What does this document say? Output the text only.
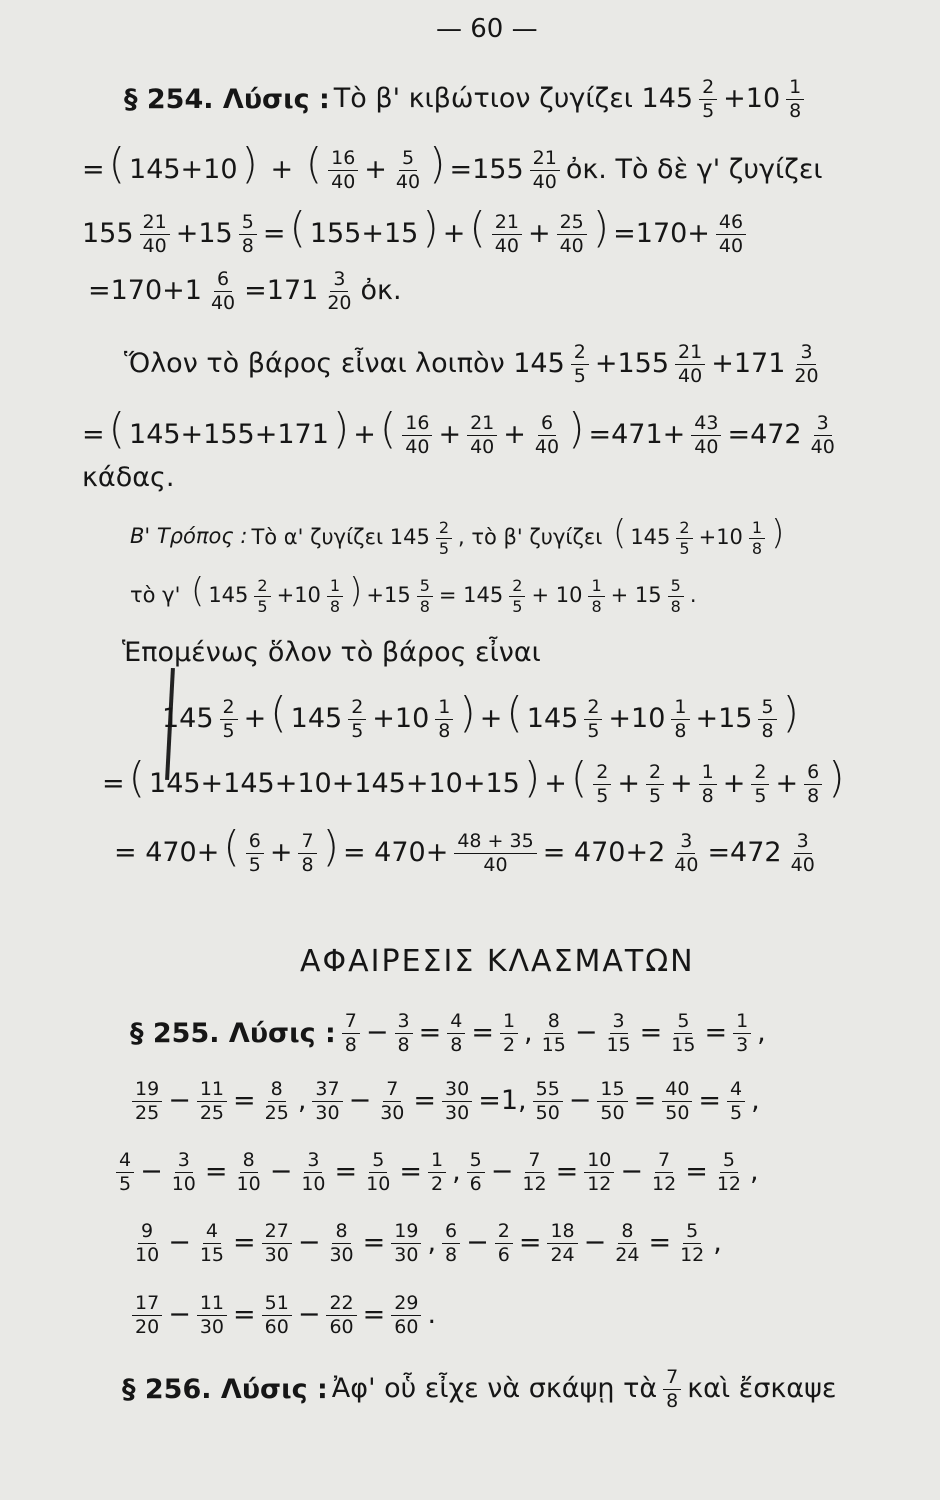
— 60 —
§ 254. Λύσις : Τὸ β' κιβώτιον ζυγίζει $145 \frac{2}{5} +10 \frac{1}{8}$
=( 145+10) + ( $\frac{16}{40} + \frac{5}{40}$ ) $=155 \frac{21}{40}$ ὀκ. Τὸ δὲ γ' ζυγίζει
$155 \frac{21}{40} +15 \frac{5}{8}$ =( 155+15) +( $\frac{21}{40} + \frac{25}{40}$ ) $=170+ \frac{46}{40}$
$=170+1 \frac{6}{40} =171 \frac{3}{20}$ ὀκ.
Ὅλον τὸ βάρος εἶναι λοιπὸν $145 \frac{2}{5} +155 \frac{21}{40} +171 \frac{3}{20}$
=( 145+155+171) +( $\frac{16}{40} + \frac{21}{40} + \frac{6}{40}$ ) $=471+ \frac{43}{40} =472 \frac{3}{40}$
κάδας.
Β' Τρόπος : Τὸ α' ζυγίζει $145 \frac{2}{5}$ , τὸ β' ζυγίζει ( $145 \frac{2}{5} +10 \frac{1}{8}$ )
τὸ γ' ( $145 \frac{2}{5} +10 \frac{1}{8}$ ) $+15 \frac{5}{8} = 145 \frac{2}{5} + 10 \frac{1}{8} + 15 \frac{5}{8}$ .
Ἑπομένως ὅλον τὸ βάρος εἶναι
$145 \frac{2}{5}$ +( $145 \frac{2}{5} +10 \frac{1}{8}$ ) +( $145 \frac{2}{5} +10 \frac{1}{8} +15 \frac{5}{8}$ )
=( 145+145+10+145+10+15) +( $\frac{2}{5} + \frac{2}{5} + \frac{1}{8} + \frac{2}{5} + \frac{6}{8}$ )
= $470+( \frac{6}{5} + \frac{7}{8}$ ) = $470+ \frac{48 + 35}{40} = 470+2 \frac{3}{40} =472 \frac{3}{40}$
ΑΦΑΙΡΕΣΙΣ ΚΛΑΣΜΑΤΩΝ
§ 255. Λύσις : $\frac{7}{8} - \frac{3}{8} = \frac{4}{8} = \frac{1}{2}$ , $\frac{8}{15} - \frac{3}{15} = \frac{5}{15} = \frac{1}{3}$ ,
$\frac{19}{25} - \frac{11}{25} = \frac{8}{25}$ , $\frac{37}{30} - \frac{7}{30} = \frac{30}{30} =1$, $\frac{55}{50} - \frac{15}{50} = \frac{40}{50} = \frac{4}{5}$ ,
$\frac{4}{5} - \frac{3}{10} = \frac{8}{10} - \frac{3}{10} = \frac{5}{10} = \frac{1}{2}$ , $\frac{5}{6} - \frac{7}{12} = \frac{10}{12} - \frac{7}{12} = \frac{5}{12}$ ,
$\frac{9}{10} - \frac{4}{15} = \frac{27}{30} - \frac{8}{30} = \frac{19}{30}$ , $\frac{6}{8} - \frac{2}{6} = \frac{18}{24} - \frac{8}{24} = \frac{5}{12}$ ,
$\frac{17}{20} - \frac{11}{30} = \frac{51}{60} - \frac{22}{60} = \frac{29}{60}$ .
§ 256. Λύσις : Ἀφ' οὗ εἶχε νὰ σκάψῃ τὰ $\frac{7}{8}$ καὶ ἔσκαψε
